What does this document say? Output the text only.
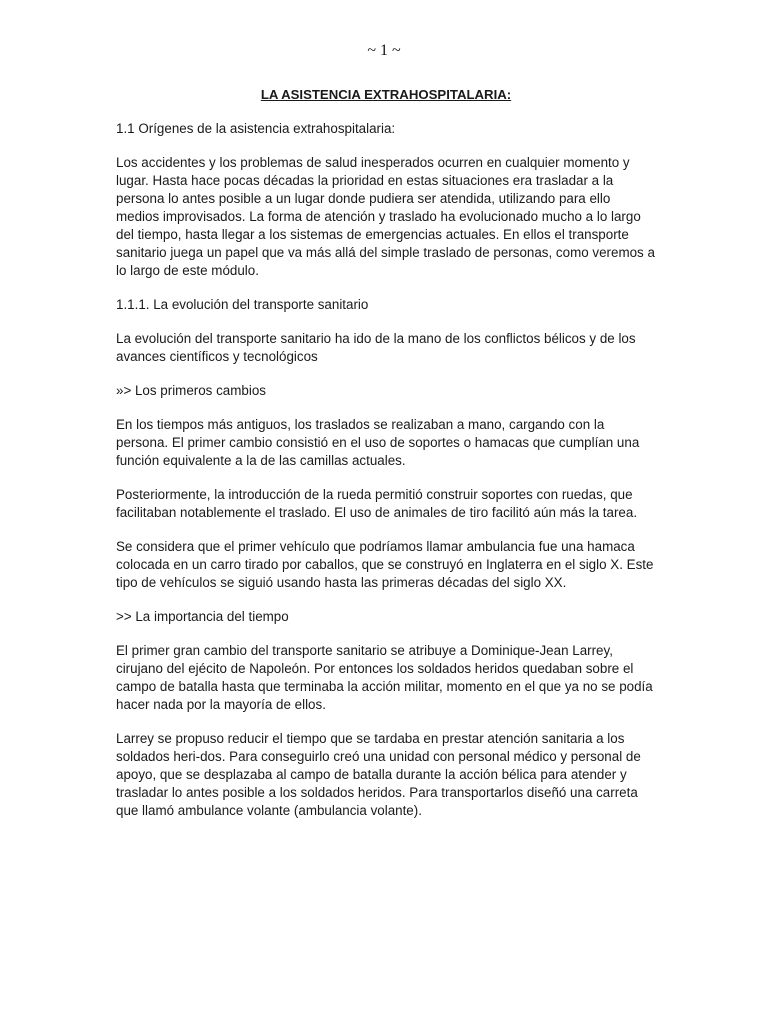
~ 1 ~
LA ASISTENCIA EXTRAHOSPITALARIA:

1.1 Orígenes de la asistencia extrahospitalaria:

Los accidentes y los problemas de salud inesperados ocurren en cualquier momento y lugar. Hasta hace pocas décadas la prioridad en estas situaciones era trasladar a la persona lo antes posible a un lugar donde pudiera ser atendida, utilizando para ello medios improvisados. La forma de atención y traslado ha evolucionado mucho a lo largo del tiempo, hasta llegar a los sistemas de emergencias actuales. En ellos el transporte sanitario juega un papel que va más allá del simple traslado de personas, como veremos a lo largo de este módulo.

1.1.1. La evolución del transporte sanitario

La evolución del transporte sanitario ha ido de la mano de los conflictos bélicos y de los avances científicos y tecnológicos

»> Los primeros cambios

En los tiempos más antiguos, los traslados se realizaban a mano, cargando con la persona. El primer cambio consistió en el uso de soportes o hamacas que cumplían una función equivalente a la de las camillas actuales.

Posteriormente, la introducción de la rueda permitió construir soportes con ruedas, que facilitaban notablemente el traslado. El uso de animales de tiro facilitó aún más la tarea.

Se considera que el primer vehículo que podríamos llamar ambulancia fue una hamaca colocada en un carro tirado por caballos, que se construyó en Inglaterra en el siglo X. Este tipo de vehículos se siguió usando hasta las primeras décadas del siglo XX.

>> La importancia del tiempo

El primer gran cambio del transporte sanitario se atribuye a Dominique-Jean Larrey, cirujano del ejécito de Napoleón. Por entonces los soldados heridos quedaban sobre el campo de batalla hasta que terminaba la acción militar, momento en el que ya no se podía hacer nada por la mayoría de ellos.

Larrey se propuso reducir el tiempo que se tardaba en prestar atención sanitaria a los soldados heri-dos. Para conseguirlo creó una unidad con personal médico y personal de apoyo, que se desplazaba al campo de batalla durante la acción bélica para atender y trasladar lo antes posible a los soldados heridos. Para transportarlos diseñó una carreta que llamó ambulance volante (ambulancia volante).
